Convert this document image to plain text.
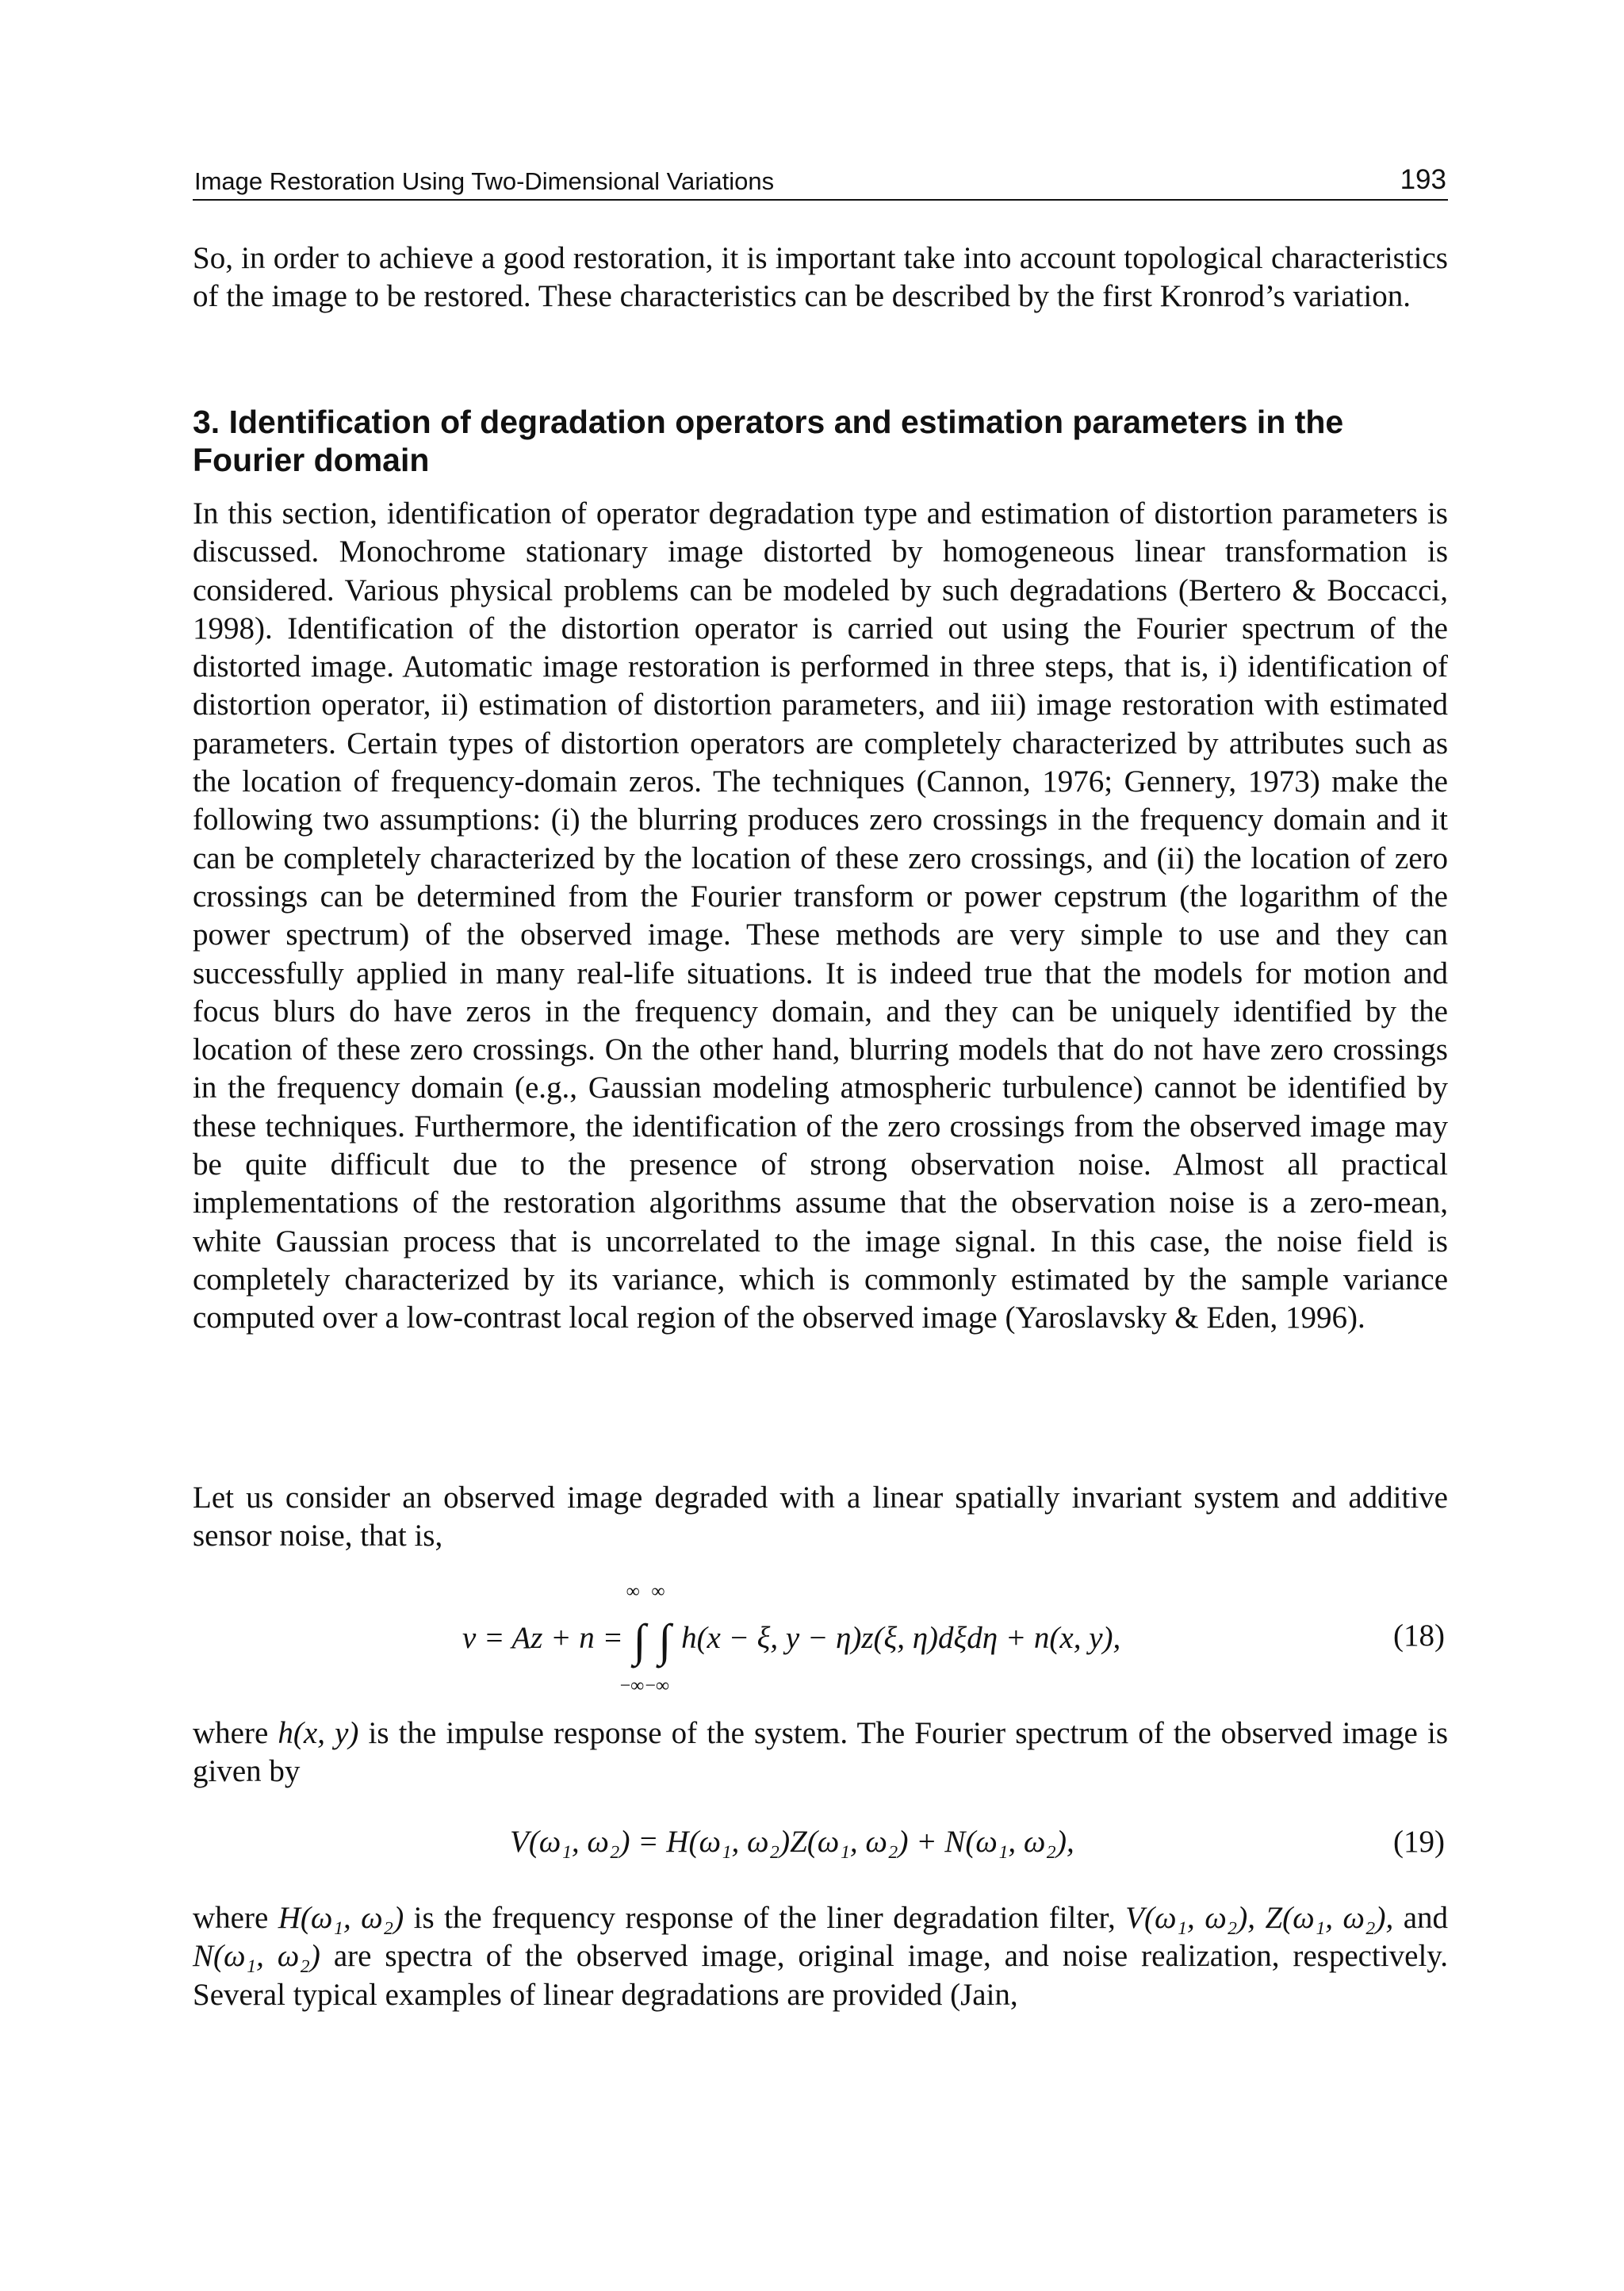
Image Restoration Using Two-Dimensional Variations	193

So, in order to achieve a good restoration, it is important take into account topological characteristics of the image to be restored. These characteristics can be described by the first Kronrod’s variation.

3. Identification of degradation operators and estimation parameters in the Fourier domain

In this section, identification of operator degradation type and estimation of distortion parameters is discussed. Monochrome stationary image distorted by homogeneous linear transformation is considered. Various physical problems can be modeled by such degradations (Bertero & Boccacci, 1998). Identification of the distortion operator is carried out using the Fourier spectrum of the distorted image. Automatic image restoration is performed in three steps, that is, i) identification of distortion operator, ii) estimation of distortion parameters, and iii) image restoration with estimated parameters. Certain types of distortion operators are completely characterized by attributes such as the location of frequency-domain zeros. The techniques (Cannon, 1976; Gennery, 1973) make the following two assumptions: (i) the blurring produces zero crossings in the frequency domain and it can be completely characterized by the location of these zero crossings, and (ii) the location of zero crossings can be determined from the Fourier transform or power cepstrum (the logarithm of the power spectrum) of the observed image. These methods are very simple to use and they can successfully applied in many real-life situations. It is indeed true that the models for motion and focus blurs do have zeros in the frequency domain, and they can be uniquely identified by the location of these zero crossings. On the other hand, blurring models that do not have zero crossings in the frequency domain (e.g., Gaussian modeling atmospheric turbulence) cannot be identified by these techniques. Furthermore, the identification of the zero crossings from the observed image may be quite difficult due to the presence of strong observation noise. Almost all practical implementations of the restoration algorithms assume that the observation noise is a zero-mean, white Gaussian process that is uncorrelated to the image signal. In this case, the noise field is completely characterized by its variance, which is commonly estimated by the sample variance computed over a low-contrast local region of the observed image (Yaroslavsky & Eden, 1996).

Let us consider an observed image degraded with a linear spatially invariant system and additive sensor noise, that is,

v = Az + n =
∞
∫
−∞

∞
∫
−∞
h(x − ξ, y − η)z(ξ, η)dξdη + n(x, y),	(18)

where h(x, y) is the impulse response of the system. The Fourier spectrum of the observed image is given by

V(ω₁, ω₂) = H(ω₁, ω₂)Z(ω₁, ω₂) + N(ω₁, ω₂),	(19)

where H(ω₁, ω₂) is the frequency response of the liner degradation filter, V(ω₁, ω₂), Z(ω₁, ω₂), and N(ω₁, ω₂) are spectra of the observed image, original image, and noise realization, respectively. Several typical examples of linear degradations are provided (Jain,
